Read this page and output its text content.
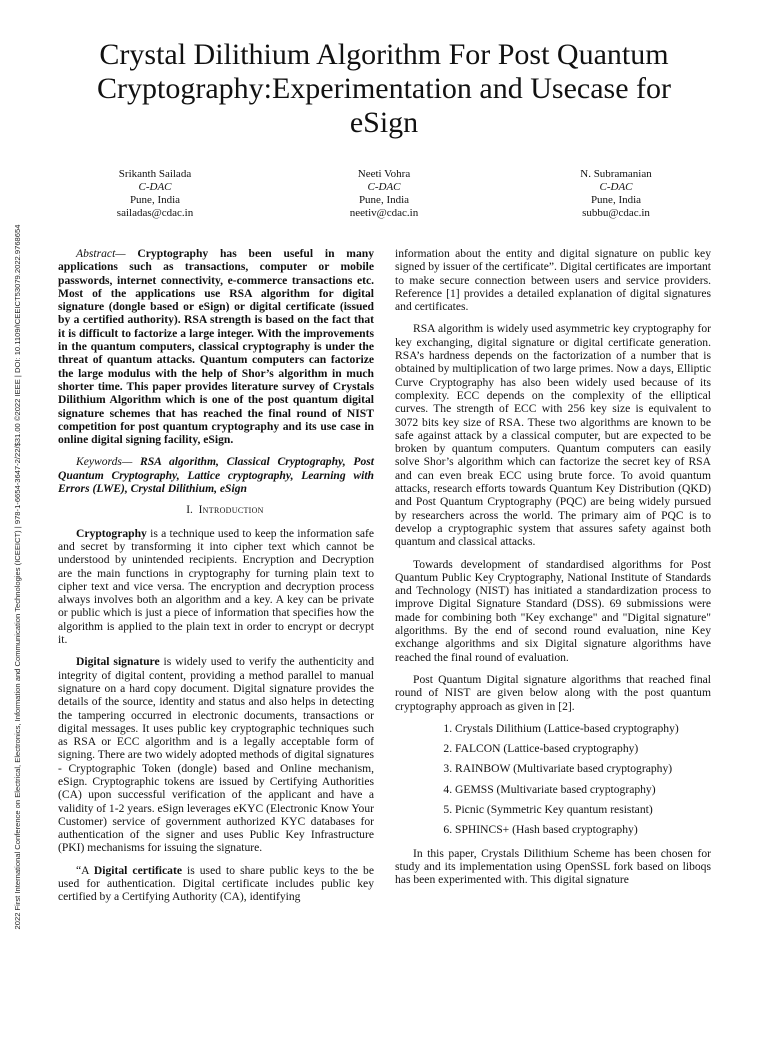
2022 First International Conference on Electrical, Electronics, Information and Communication Technologies (ICEEICT) | 978-1-6654-3647-2/22/$31.00 ©2022 IEEE | DOI: 10.1109/ICEEICT53079.2022.9768654
Crystal Dilithium Algorithm For Post Quantum Cryptography:Experimentation and Usecase for eSign
Srikanth Sailada
C-DAC
Pune, India
sailadas@cdac.in
Neeti Vohra
C-DAC
Pune, India
neetiv@cdac.in
N. Subramanian
C-DAC
Pune, India
subbu@cdac.in

Abstract— Cryptography has been useful in many applications such as transactions, computer or mobile passwords, internet connectivity, e-commerce transactions etc. Most of the applications use RSA algorithm for digital signature (dongle based or eSign) or digital certificate (issued by a certified authority). RSA strength is based on the fact that it is difficult to factorize a large integer. With the improvements in the quantum computers, classical cryptography is under the threat of quantum attacks. Quantum computers can factorize the large modulus with the help of Shor’s algorithm in much shorter time. This paper provides literature survey of Crystals Dilithium Algorithm which is one of the post quantum digital signature schemes that has reached the final round of NIST competition for post quantum cryptography and its use case in online digital signing facility, eSign.

Keywords— RSA algorithm, Classical Cryptography, Post Quantum Cryptography, Lattice cryptography, Learning with Errors (LWE), Crystal Dilithium, eSign

I. Introduction

Cryptography is a technique used to keep the information safe and secret by transforming it into cipher text which cannot be understood by unintended recipients. Encryption and Decryption are the main functions in cryptography for turning plain text to cipher text and vice versa. The encryption and decryption process always involves both an algorithm and a key. A key can be private or public which is just a piece of information that specifies how the algorithm is applied to the plain text in order to encrypt or decrypt it.

Digital signature is widely used to verify the authenticity and integrity of digital content, providing a method parallel to manual signature on a hard copy document. Digital signature provides the details of the source, identity and status and also helps in detecting the tampering occurred in electronic documents, transactions or digital messages. It uses public key cryptographic techniques such as RSA or ECC algorithm and is a legally acceptable form of signing. There are two widely adopted methods of digital signatures - Cryptographic Token (dongle) based and Online mechanism, eSign. Cryptographic tokens are issued by Certifying Authorities (CA) upon successful verification of the applicant and have a validity of 1-2 years. eSign leverages eKYC (Electronic Know Your Customer) service of government authorized KYC databases for authentication of the signer and uses Public Key Infrastructure (PKI) mechanisms for issuing the signature.

“A Digital certificate is used to share public keys to the be used for authentication. Digital certificate includes public key certified by a Certifying Authority (CA), identifying

information about the entity and digital signature on public key signed by issuer of the certificate”. Digital certificates are important to make secure connection between users and service providers. Reference [1] provides a detailed explanation of digital signatures and certificates.

RSA algorithm is widely used asymmetric key cryptography for key exchanging, digital signature or digital certificate generation. RSA’s hardness depends on the factorization of a number that is obtained by multiplication of two large primes. Now a days, Elliptic Curve Cryptography has also been widely used because of its complexity. ECC depends on the complexity of the elliptical curves. The strength of ECC with 256 key size is equivalent to 3072 bits key size of RSA. These two algorithms are known to be safe against attack by a classical computer, but are expected to be broken by quantum computers. Quantum computers can easily solve Shor’s algorithm which can factorize the secret key of RSA and can even break ECC using brute force. To avoid quantum attacks, research efforts towards Quantum Key Distribution (QKD) and Post Quantum Cryptography (PQC) are being widely pursued by researchers across the world. The primary aim of PQC is to develop a cryptographic system that assures safety against both quantum and classical attacks.

Towards development of standardised algorithms for Post Quantum Public Key Cryptography, National Institute of Standards and Technology (NIST) has initiated a standardization process to improve Digital Signature Standard (DSS). 69 submissions were made for combining both "Key exchange" and "Digital signature" algorithms. By the end of second round evaluation, nine Key exchange algorithms and six Digital signature algorithms have reached the final round of evaluation.

Post Quantum Digital signature algorithms that reached final round of NIST are given below along with the post quantum cryptography approach as given in [2].

1. Crystals Dilithium (Lattice-based cryptography)
2. FALCON (Lattice-based cryptography)
3. RAINBOW (Multivariate based cryptography)
4. GEMSS (Multivariate based cryptography)
5. Picnic (Symmetric Key quantum resistant)
6. SPHINCS+ (Hash based cryptography)

In this paper, Crystals Dilithium Scheme has been chosen for study and its implementation using OpenSSL fork based on liboqs has been experimented with. This digital signature
